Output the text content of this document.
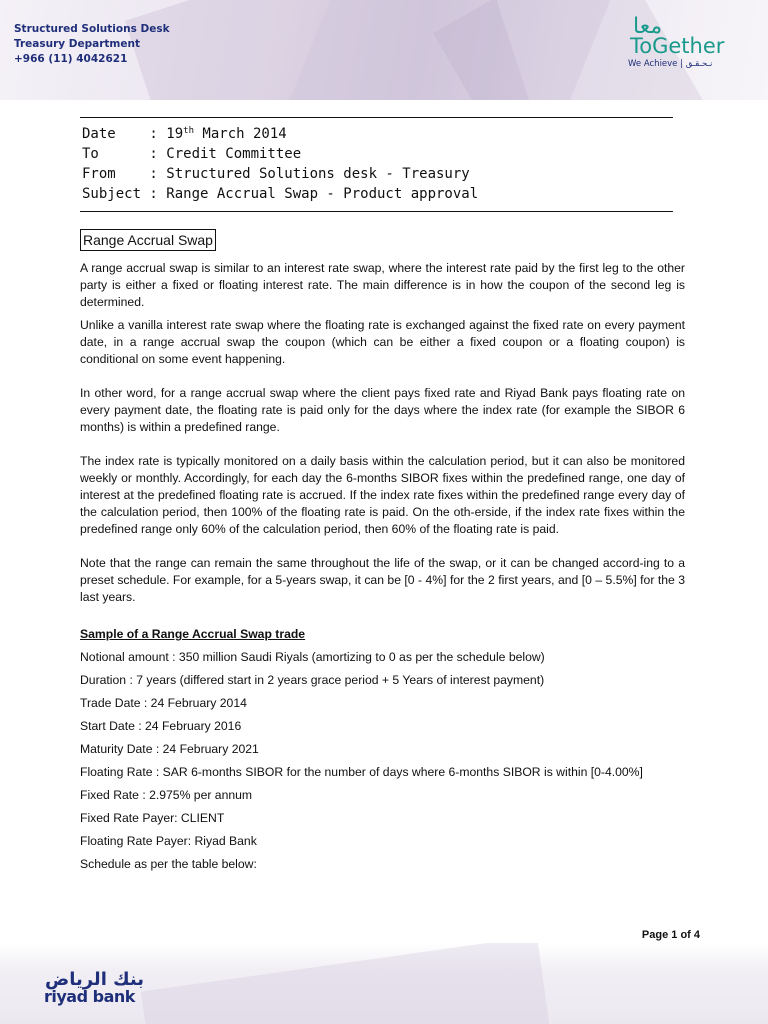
Structured Solutions Desk
Treasury Department
+966 (11) 4042621
معا
ToGether
We Achieve | نـحـقـق
Date    : 19th March 2014
To      : Credit Committee
From    : Structured Solutions desk - Treasury
Subject : Range Accrual Swap - Product approval
Range Accrual Swap

A range accrual swap is similar to an interest rate swap, where the interest rate paid by the first leg to the other party is either a fixed or floating interest rate. The main difference is in how the coupon of the second leg is determined.

Unlike a vanilla interest rate swap where the floating rate is exchanged against the fixed rate on every payment date, in a range accrual swap the coupon (which can be either a fixed coupon or a floating coupon) is conditional on some event happening.

In other word, for a range accrual swap where the client pays fixed rate and Riyad Bank pays floating rate on every payment date, the floating rate is paid only for the days where the index rate (for example the SIBOR 6 months) is within a predefined range.

The index rate is typically monitored on a daily basis within the calculation period, but it can also be monitored weekly or monthly. Accordingly, for each day the 6-months SIBOR fixes within the predefined range, one day of interest at the predefined floating rate is accrued. If the index rate fixes within the predefined range every day of the calculation period, then 100% of the floating rate is paid. On the oth-erside, if the index rate fixes within the predefined range only 60% of the calculation period, then 60% of the floating rate is paid.

Note that the range can remain the same throughout the life of the swap, or it can be changed accord-ing to a preset schedule. For example, for a 5-years swap, it can be [0 - 4%] for the 2 first years, and [0 – 5.5%] for the 3 last years.

Sample of a Range Accrual Swap trade
Notional amount : 350 million Saudi Riyals (amortizing to 0 as per the schedule below)
Duration : 7 years (differed start in 2 years grace period + 5 Years of interest payment)
Trade Date : 24 February 2014
Start Date : 24 February 2016
Maturity Date : 24 February 2021
Floating Rate : SAR 6-months SIBOR for the number of days where 6-months SIBOR is within [0-4.00%]
Fixed Rate : 2.975% per annum
Fixed Rate Payer: CLIENT
Floating Rate Payer: Riyad Bank
Schedule as per the table below:
Page 1 of 4
بنك الرياض
riyad bank
